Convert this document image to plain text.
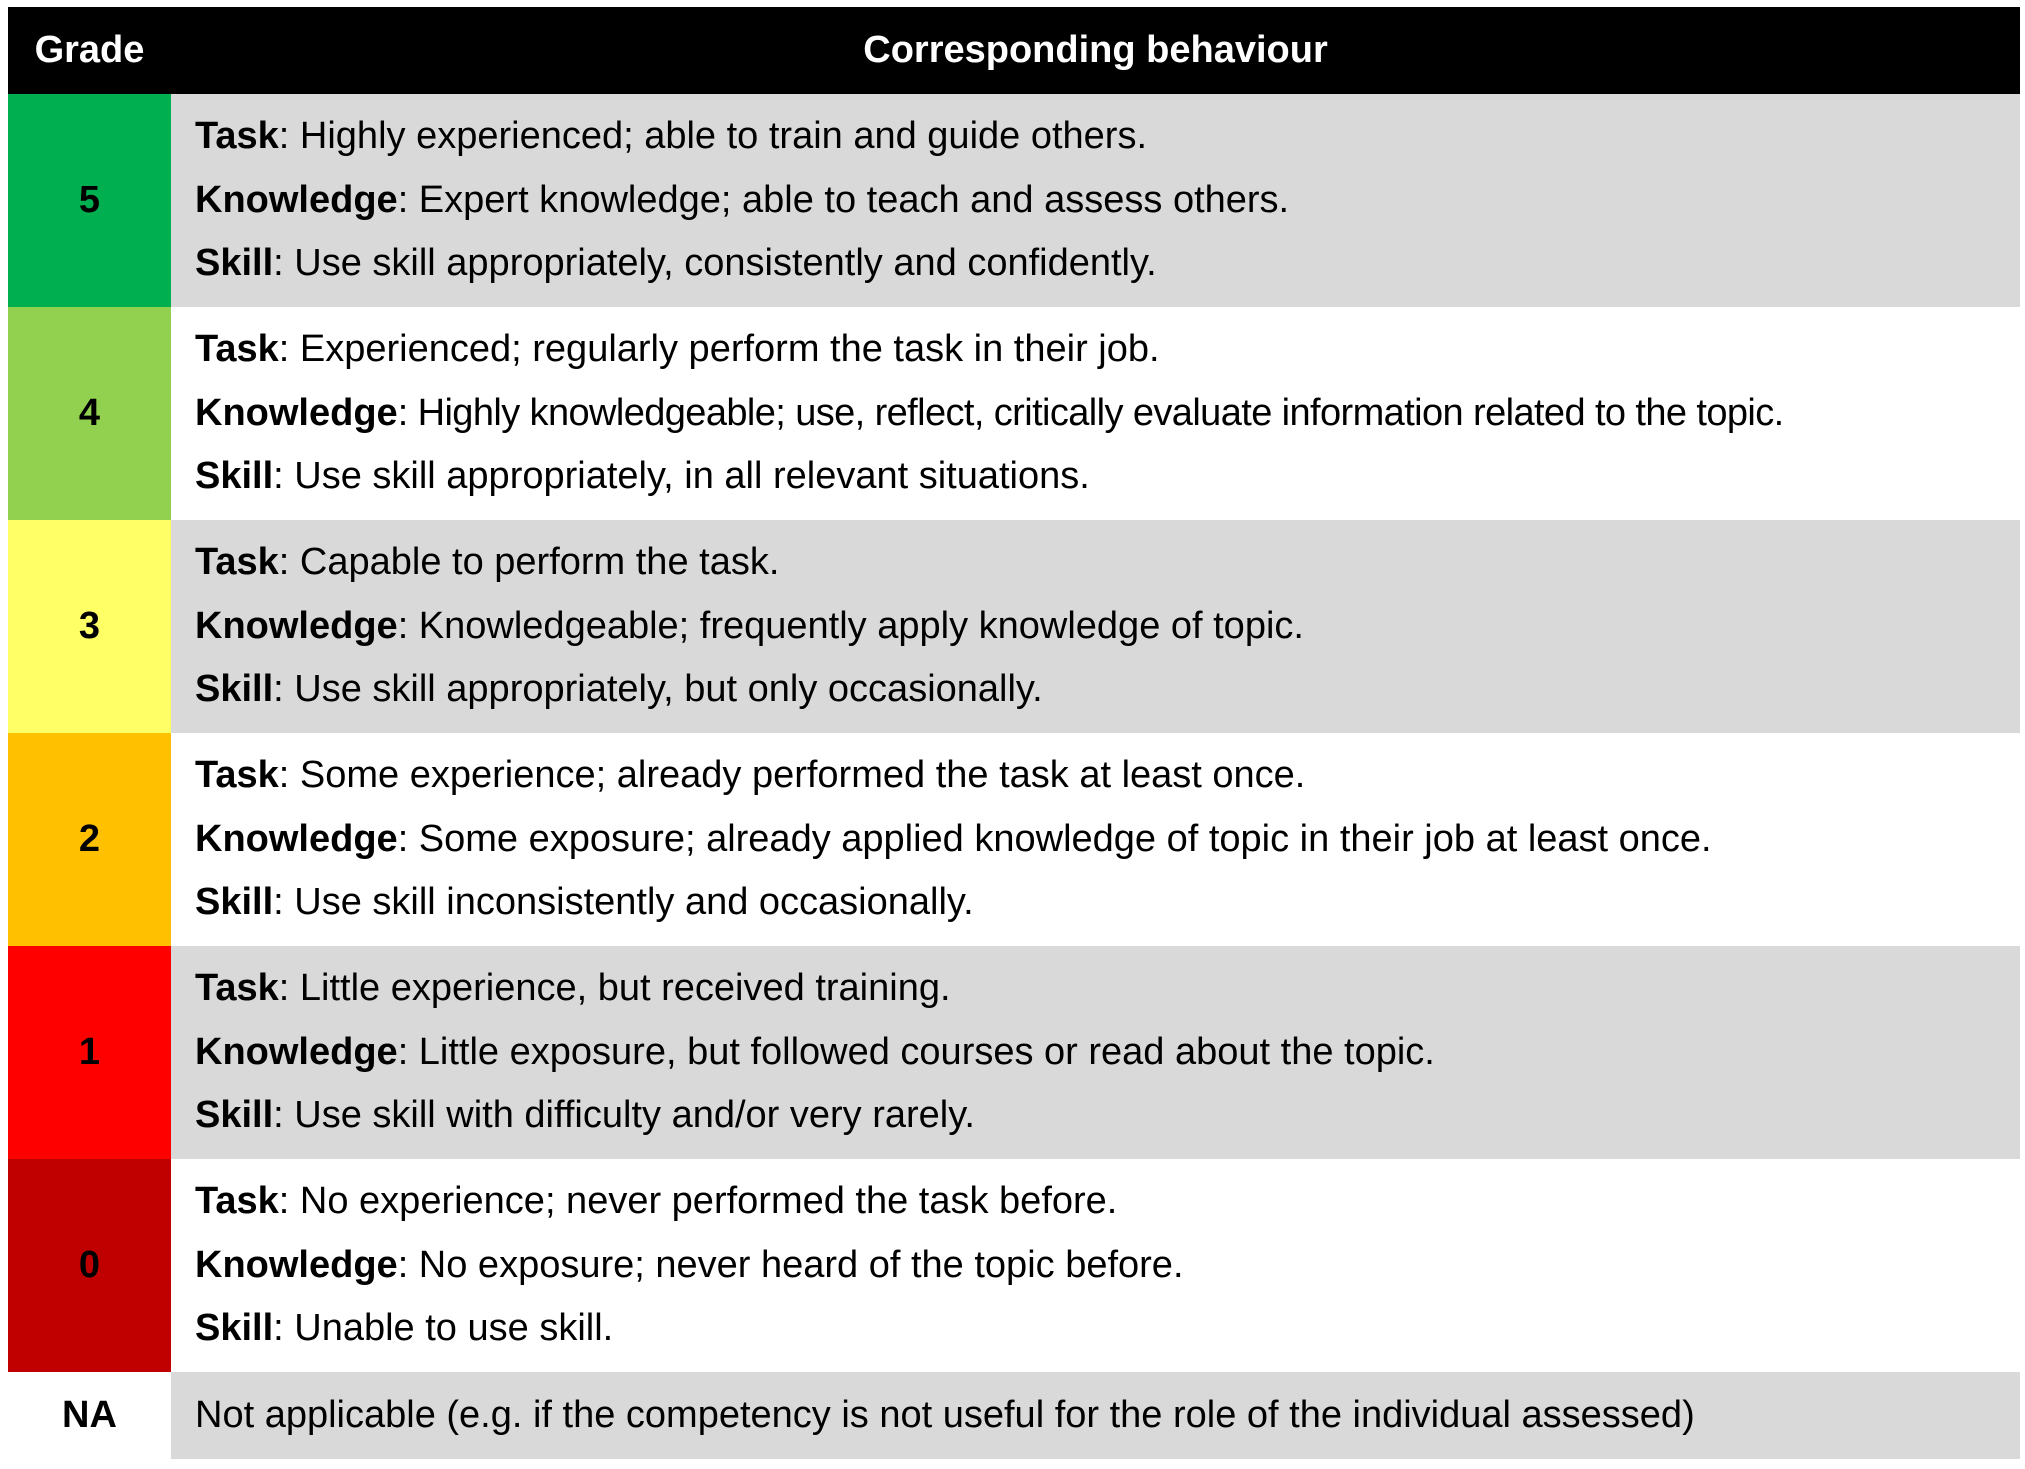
Grade	Corresponding behaviour
5	Task: Highly experienced; able to train and guide others.
Knowledge: Expert knowledge; able to teach and assess others.
Skill: Use skill appropriately, consistently and confidently.

4	Task: Experienced; regularly perform the task in their job.
Knowledge: Highly knowledgeable; use, reflect, critically evaluate information related to the topic.
Skill: Use skill appropriately, in all relevant situations.

3	Task: Capable to perform the task.
Knowledge: Knowledgeable; frequently apply knowledge of topic.
Skill: Use skill appropriately, but only occasionally.

2	Task: Some experience; already performed the task at least once.
Knowledge: Some exposure; already applied knowledge of topic in their job at least once.
Skill: Use skill inconsistently and occasionally.

1	Task: Little experience, but received training.
Knowledge: Little exposure, but followed courses or read about the topic.
Skill: Use skill with difficulty and/or very rarely.

0	Task: No experience; never performed the task before.
Knowledge: No exposure; never heard of the topic before.
Skill: Unable to use skill.

NA	Not applicable (e.g. if the competency is not useful for the role of the individual assessed)
